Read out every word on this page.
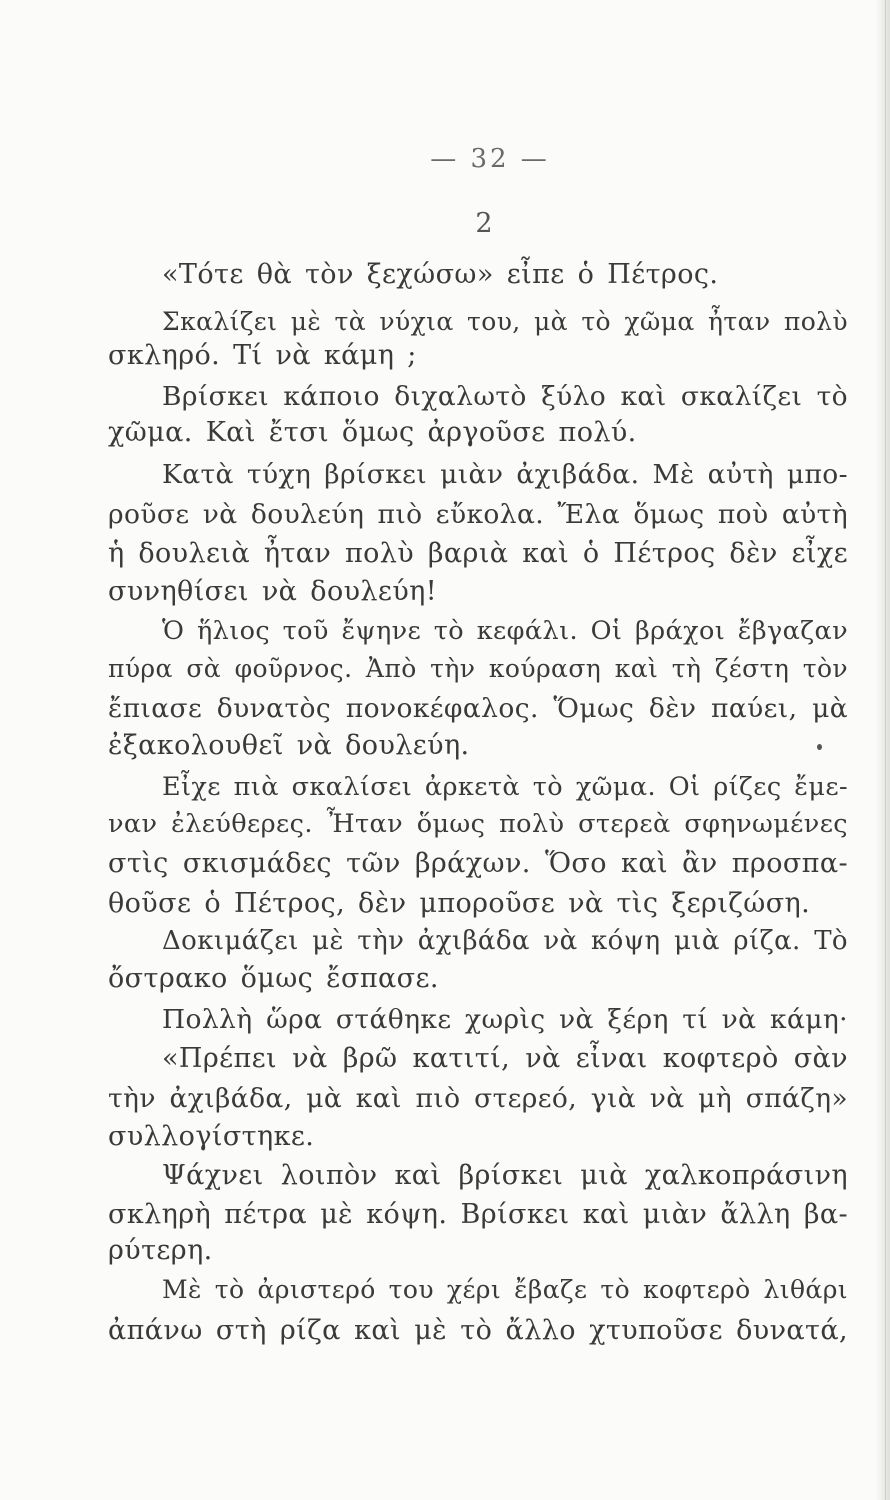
— 32 —
2
«Τότε θὰ τὸν ξεχώσω» εἶπε ὁ Πέτρος.
Σκαλίζει μὲ τὰ νύχια του, μὰ τὸ χῶμα ἦταν πολὺ
σκληρό. Τί νὰ κάμη ;
Βρίσκει κάποιο διχαλωτὸ ξύλο καὶ σκαλίζει τὸ
χῶμα. Καὶ ἔτσι ὅμως ἀργοῦσε πολύ.
Κατὰ τύχη βρίσκει μιὰν ἀχιβάδα. Μὲ αὐτὴ μπο-
ροῦσε νὰ δουλεύη πιὸ εὔκολα. Ἔλα ὅμως ποὺ αὐτὴ
ἡ δουλειὰ ἦταν πολὺ βαριὰ καὶ ὁ Πέτρος δὲν εἶχε
συνηθίσει νὰ δουλεύη!
Ὁ ἥλιος τοῦ ἔψηνε τὸ κεφάλι. Οἱ βράχοι ἔβγαζαν
πύρα σὰ φοῦρνος. Ἀπὸ τὴν κούραση καὶ τὴ ζέστη τὸν
ἔπιασε δυνατὸς πονοκέφαλος. Ὅμως δὲν παύει, μὰ
ἐξακολουθεῖ νὰ δουλεύη.
Εἶχε πιὰ σκαλίσει ἀρκετὰ τὸ χῶμα. Οἱ ρίζες ἔμε-
ναν ἐλεύθερες. Ἦταν ὅμως πολὺ στερεὰ σφηνωμένες
στὶς σκισμάδες τῶν βράχων. Ὅσο καὶ ἂν προσπα-
θοῦσε ὁ Πέτρος, δὲν μποροῦσε νὰ τὶς ξεριζώση.
Δοκιμάζει μὲ τὴν ἀχιβάδα νὰ κόψη μιὰ ρίζα. Τὸ
ὄστρακο ὅμως ἔσπασε.
Πολλὴ ὥρα στάθηκε χωρὶς νὰ ξέρη τί νὰ κάμη·
«Πρέπει νὰ βρῶ κατιτί, νὰ εἶναι κοφτερὸ σὰν
τὴν ἀχιβάδα, μὰ καὶ πιὸ στερεό, γιὰ νὰ μὴ σπάζη»
συλλογίστηκε.
Ψάχνει λοιπὸν καὶ βρίσκει μιὰ χαλκοπράσινη
σκληρὴ πέτρα μὲ κόψη. Βρίσκει καὶ μιὰν ἄλλη βα-
ρύτερη.
Μὲ τὸ ἀριστερό του χέρι ἔβαζε τὸ κοφτερὸ λιθάρι
ἀπάνω στὴ ρίζα καὶ μὲ τὸ ἄλλο χτυποῦσε δυνατά,
